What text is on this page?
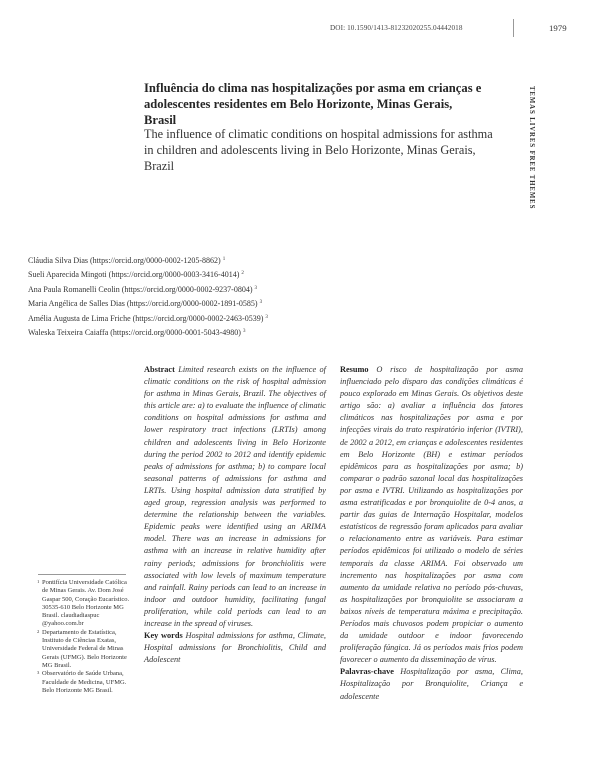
DOI: 10.1590/1413-81232020255.04442018	1979
TEMAS LIVRES FREE THEMES
Influência do clima nas hospitalizações por asma em crianças e adolescentes residentes em Belo Horizonte, Minas Gerais, Brasil
The influence of climatic conditions on hospital admissions for asthma in children and adolescents living in Belo Horizonte, Minas Gerais, Brazil
Cláudia Silva Dias (https://orcid.org/0000-0002-1205-8862) $^1$
Sueli Aparecida Mingoti (https://orcid.org/0000-0003-3416-4014) $^2$
Ana Paula Romanelli Ceolin (https://orcid.org/0000-0002-9237-0804) $^3$
Maria Angélica de Salles Dias (https://orcid.org/0000-0002-1891-0585) $^3$
Amélia Augusta de Lima Friche (https://orcid.org/0000-0002-2463-0539) $^3$
Waleska Teixeira Caiaffa (https://orcid.org/0000-0001-5043-4980) $^3$
1 Pontifícia Universidade Católica de Minas Gerais. Av. Dom José Gaspar 500, Coração Eucarístico. 30535-610 Belo Horizonte MG Brasil. claudiadiaspuc @yahoo.com.br
2 Departamento de Estatística, Instituto de Ciências Exatas, Universidade Federal de Minas Gerais (UFMG). Belo Horizonte MG Brasil.
3 Observatório de Saúde Urbana, Faculdade de Medicina, UFMG. Belo Horizonte MG Brasil.
Abstract Limited research exists on the influence of climatic conditions on the risk of hospital admission for asthma in Minas Gerais, Brazil. The objectives of this article are: a) to evaluate the influence of climatic conditions on hospital admissions for asthma and lower respiratory tract infections (LRTIs) among children and adolescents living in Belo Horizonte during the period 2002 to 2012 and identify epidemic peaks of admissions for asthma; b) to compare local seasonal patterns of admissions for asthma and LRTIs. Using hospital admission data stratified by aged group, regression analysis was performed to determine the relationship between the variables. Epidemic peaks were identified using an ARIMA model. There was an increase in admissions for asthma with an increase in relative humidity after rainy periods; admissions for bronchiolitis were associated with low levels of maximum temperature and rainfall. Rainy periods can lead to an increase in indoor and outdoor humidity, facilitating fungal proliferation, while cold periods can lead to an increase in the spread of viruses.
Key words Hospital admissions for asthma, Climate, Hospital admissions for Bronchiolitis, Child and Adolescent
Resumo O risco de hospitalização por asma influenciado pelo disparo das condições climáticas é pouco explorado em Minas Gerais. Os objetivos deste artigo são: a) avaliar a influência dos fatores climáticos nas hospitalizações por asma e por infecções virais do trato respiratório inferior (IVTRI), de 2002 a 2012, em crianças e adolescentes residentes em Belo Horizonte (BH) e estimar períodos epidêmicos para as hospitalizações por asma; b) comparar o padrão sazonal local das hospitalizações por asma e IVTRI. Utilizando as hospitalizações por asma estratificadas e por bronquiolite de 0-4 anos, a partir das guias de Internação Hospitalar, modelos estatísticos de regressão foram aplicados para avaliar o relacionamento entre as variáveis. Para estimar períodos epidêmicos foi utilizado o modelo de séries temporais da classe ARIMA. Foi observado um incremento nas hospitalizações por asma com aumento da umidade relativa no período pós-chuvas, as hospitalizações por bronquiolite se associaram a baixos níveis de temperatura máxima e precipitação. Períodos mais chuvosos podem propiciar o aumento da umidade outdoor e indoor favorecendo proliferação fúngica. Já os períodos mais frios podem favorecer o aumento da disseminação de vírus.
Palavras-chave Hospitalização por asma, Clima, Hospitalização por Bronquiolite, Criança e adolescente
